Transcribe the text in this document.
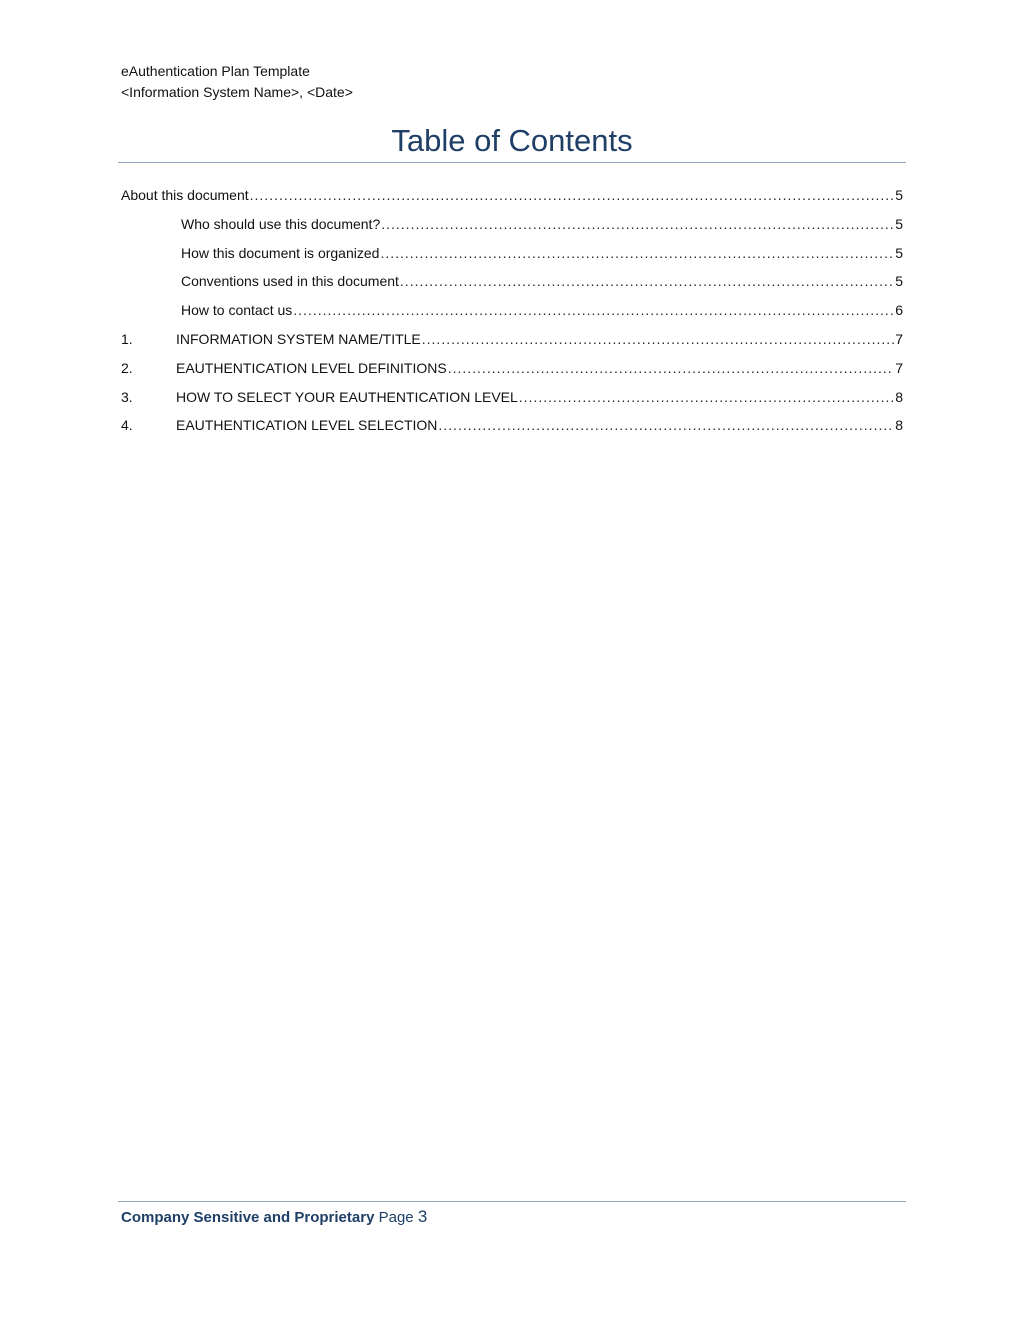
eAuthentication Plan Template
<Information System Name>, <Date>
Table of Contents
About this document .....	5
Who should use this document? .....	5
How this document is organized .....	5
Conventions used in this document .....	5
How to contact us .....	6
1.	INFORMATION SYSTEM NAME/TITLE .....	7
2.	EAUTHENTICATION LEVEL DEFINITIONS .....	7
3.	HOW TO SELECT YOUR EAUTHENTICATION LEVEL .....	8
4.	EAUTHENTICATION LEVEL SELECTION .....	8
Company Sensitive and Proprietary Page 3
